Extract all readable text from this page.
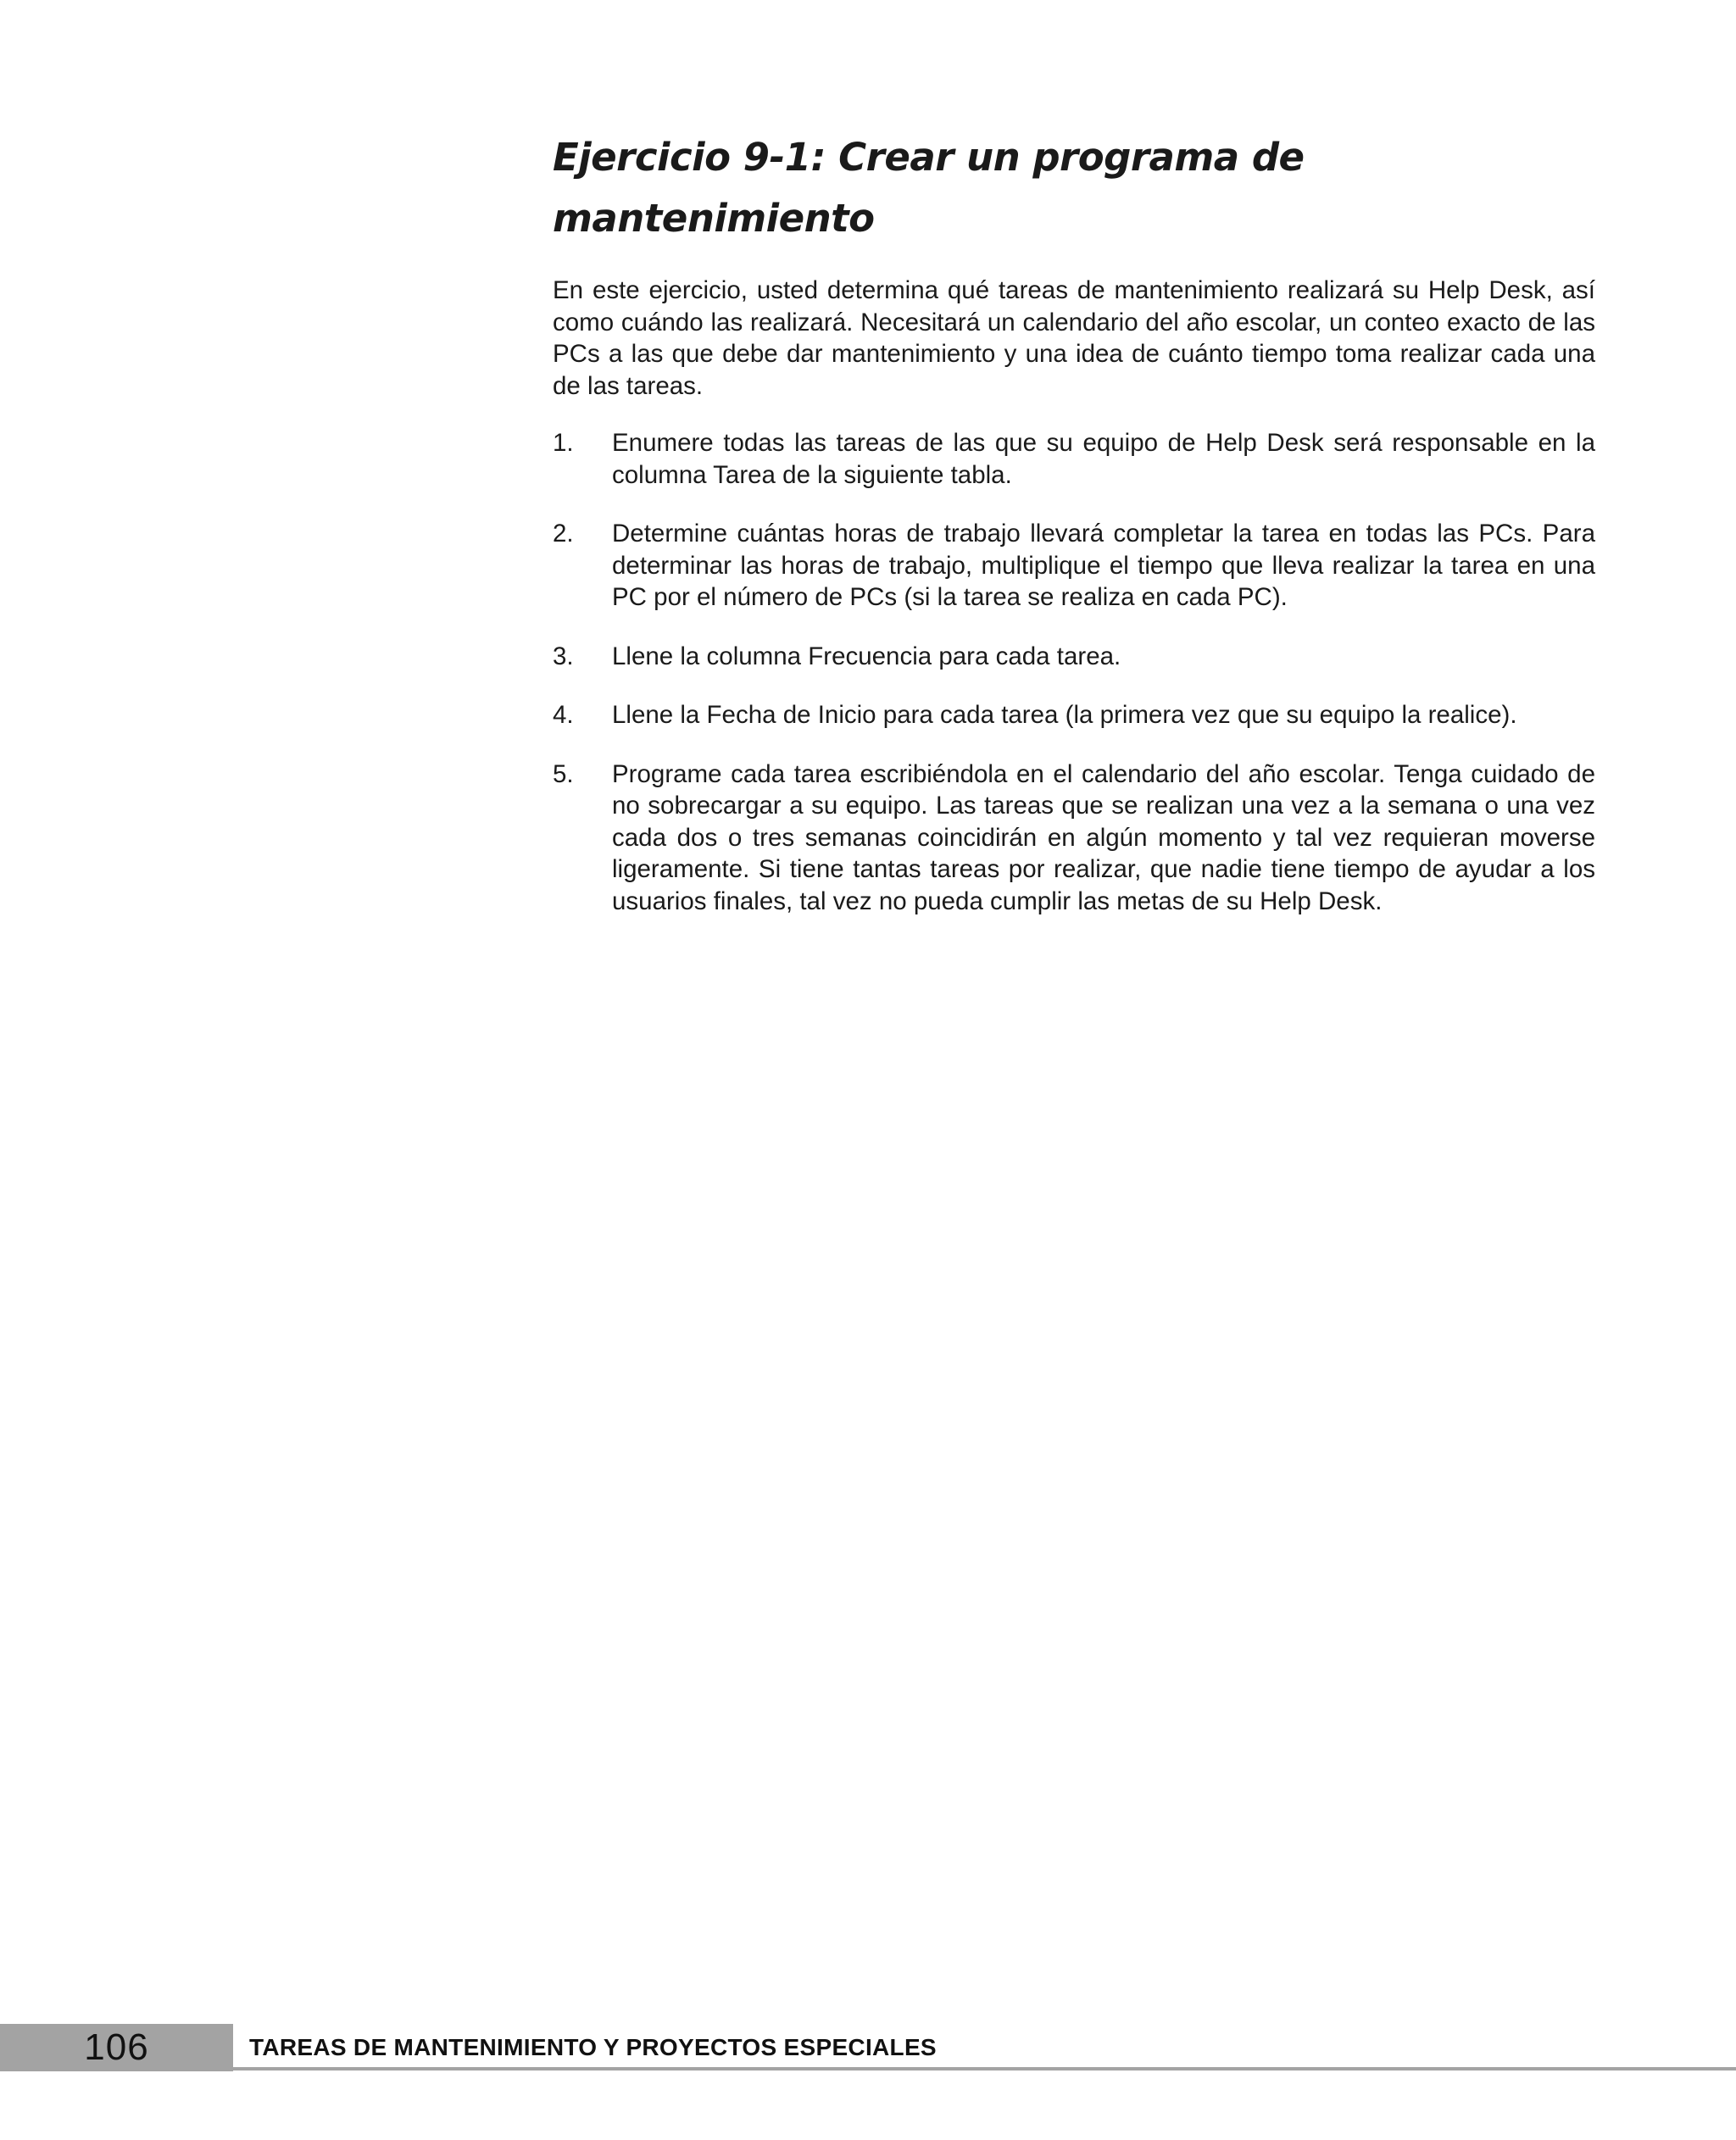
Ejercicio 9-1: Crear un programa de mantenimiento

En este ejercicio, usted determina qué tareas de mantenimiento realizará su Help Desk, así como cuándo las realizará. Necesitará un calendario del año escolar, un conteo exacto de las PCs a las que debe dar mantenimiento y una idea de cuánto tiempo toma realizar cada una de las tareas.

1.	Enumere todas las tareas de las que su equipo de Help Desk será responsable en la columna Tarea de la siguiente tabla.
2.	Determine cuántas horas de trabajo llevará completar la tarea en todas las PCs. Para determinar las horas de trabajo, multiplique el tiempo que lleva realizar la tarea en una PC por el número de PCs (si la tarea se realiza en cada PC).
3.	Llene la columna Frecuencia para cada tarea.
4.	Llene la Fecha de Inicio para cada tarea (la primera vez que su equipo la realice).
5.	Programe cada tarea escribiéndola en el calendario del año escolar. Tenga cuidado de no sobrecargar a su equipo. Las tareas que se realizan una vez a la semana o una vez cada dos o tres semanas coincidirán en algún momento y tal vez requieran moverse ligeramente. Si tiene tantas tareas por realizar, que nadie tiene tiempo de ayudar a los usuarios finales, tal vez no pueda cumplir las metas de su Help Desk.
106	TAREAS DE MANTENIMIENTO Y PROYECTOS ESPECIALES
